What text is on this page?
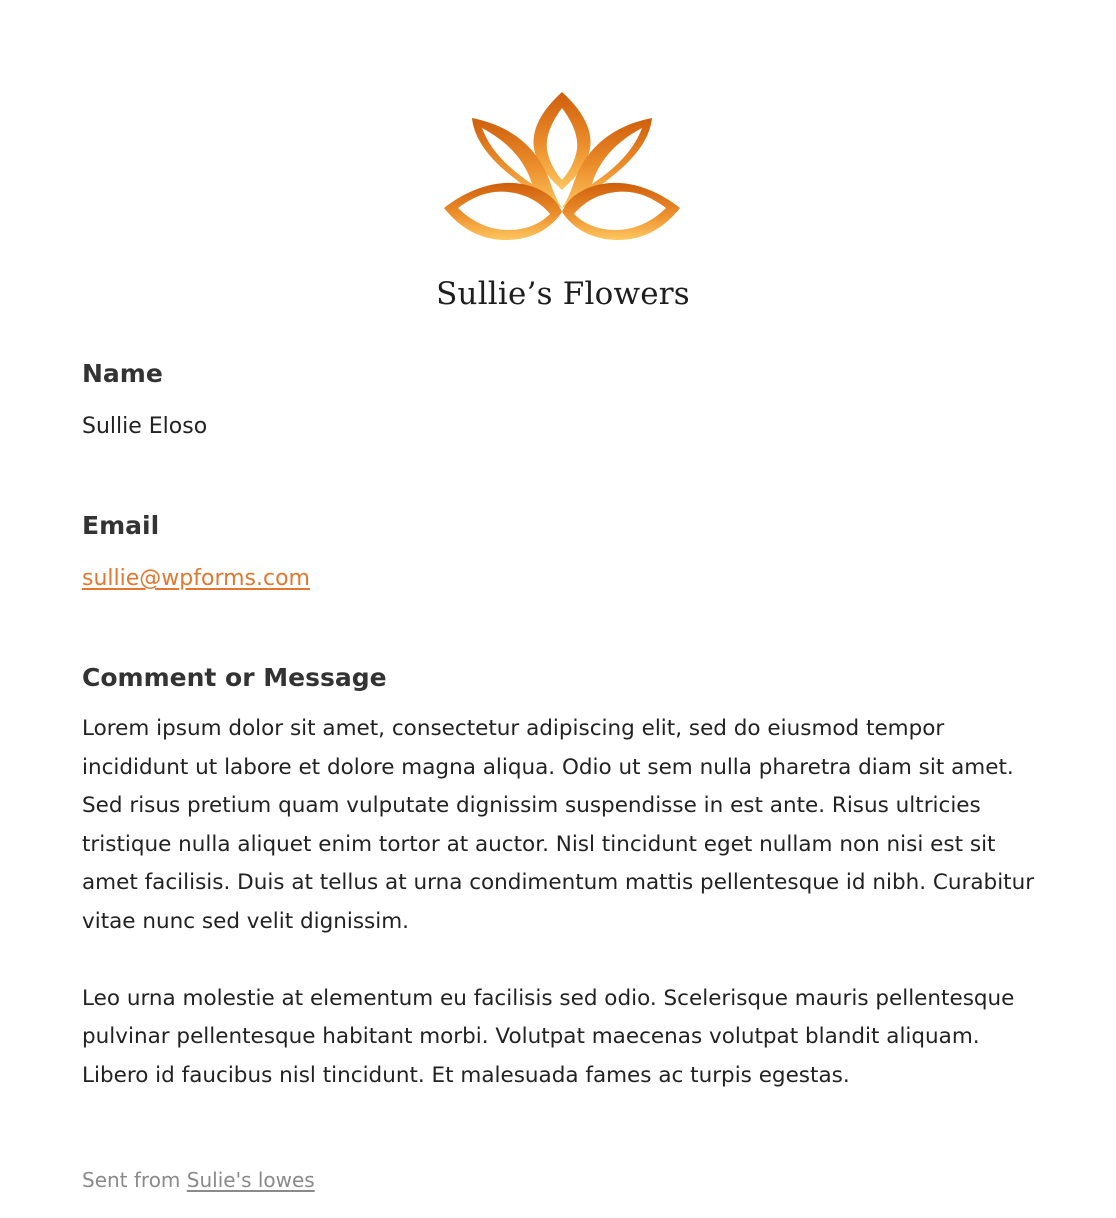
Sullie’s Flowers
Name
Sullie Eloso
Email
sullie@wpforms.com
Comment or Message

Lorem ipsum dolor sit amet, consectetur adipiscing elit, sed do eiusmod tempor incididunt ut labore et dolore magna aliqua. Odio ut sem nulla pharetra diam sit amet. Sed risus pretium quam vulputate dignissim suspendisse in est ante. Risus ultricies tristique nulla aliquet enim tortor at auctor. Nisl tincidunt eget nullam non nisi est sit amet facilisis. Duis at tellus at urna condimentum mattis pellentesque id nibh. Curabitur vitae nunc sed velit dignissim.

Leo urna molestie at elementum eu facilisis sed odio. Scelerisque mauris pellentesque pulvinar pellentesque habitant morbi. Volutpat maecenas volutpat blandit aliquam. Libero id faucibus nisl tincidunt. Et malesuada fames ac turpis egestas.

Sent from Sulie's lowes
